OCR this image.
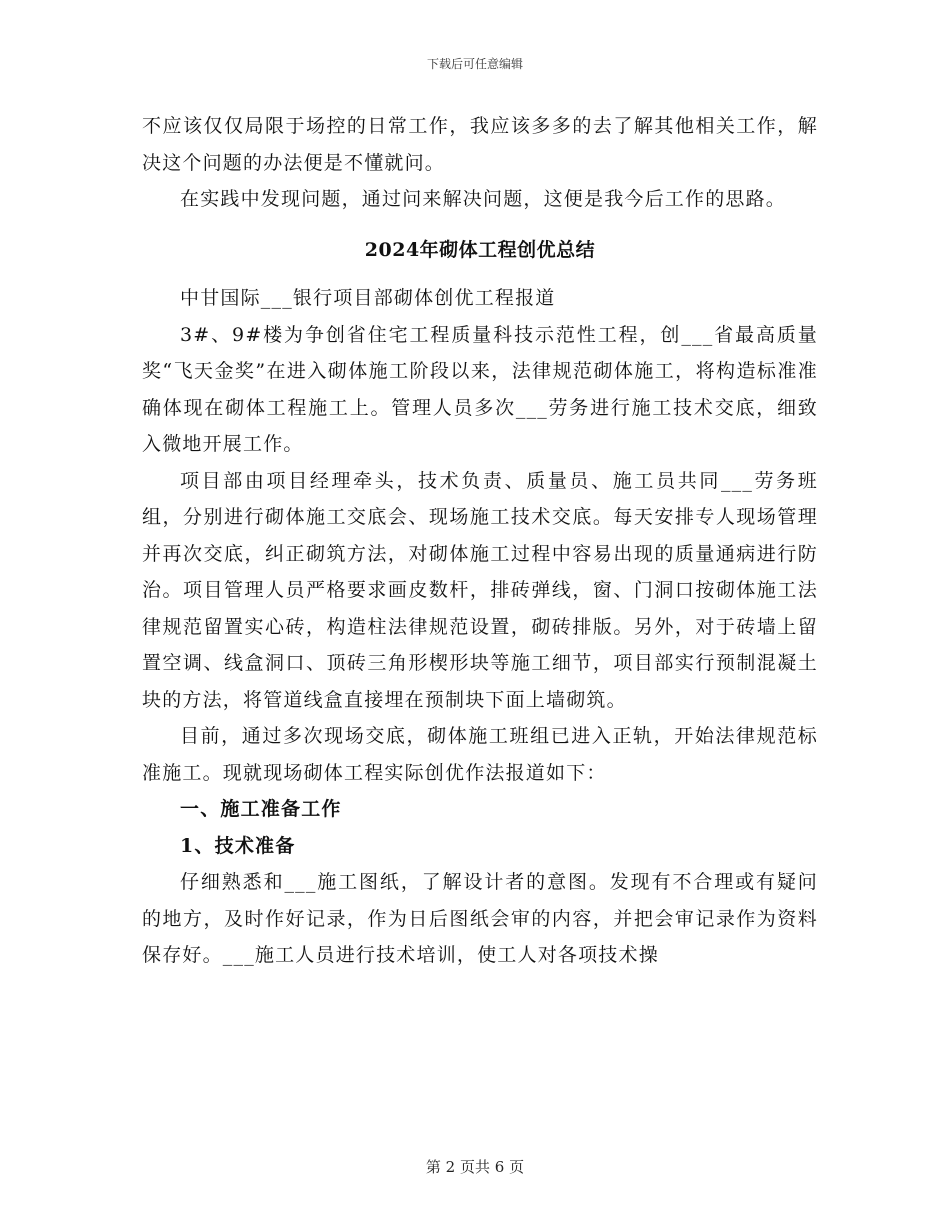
下载后可任意编辑

不应该仅仅局限于场控的日常工作，我应该多多的去了解其他相关工作，解决这个问题的办法便是不懂就问。

在实践中发现问题，通过问来解决问题，这便是我今后工作的思路。

2024年砌体工程创优总结

中甘国际___银行项目部砌体创优工程报道

3#、9#楼为争创省住宅工程质量科技示范性工程，创___省最高质量奖“飞天金奖”在进入砌体施工阶段以来，法律规范砌体施工，将构造标准准确体现在砌体工程施工上。管理人员多次___劳务进行施工技术交底，细致入微地开展工作。

项目部由项目经理牵头，技术负责、质量员、施工员共同___劳务班组，分别进行砌体施工交底会、现场施工技术交底。每天安排专人现场管理并再次交底，纠正砌筑方法，对砌体施工过程中容易出现的质量通病进行防治。项目管理人员严格要求画皮数杆，排砖弹线，窗、门洞口按砌体施工法律规范留置实心砖，构造柱法律规范设置，砌砖排版。另外，对于砖墙上留置空调、线盒洞口、顶砖三角形楔形块等施工细节，项目部实行预制混凝土块的方法，将管道线盒直接埋在预制块下面上墙砌筑。

目前，通过多次现场交底，砌体施工班组已进入正轨，开始法律规范标准施工。现就现场砌体工程实际创优作法报道如下：

一、施工准备工作

1、技术准备

仔细熟悉和___施工图纸，了解设计者的意图。发现有不合理或有疑问的地方，及时作好记录，作为日后图纸会审的内容，并把会审记录作为资料保存好。___施工人员进行技术培训，使工人对各项技术操

第 2 页共 6 页
